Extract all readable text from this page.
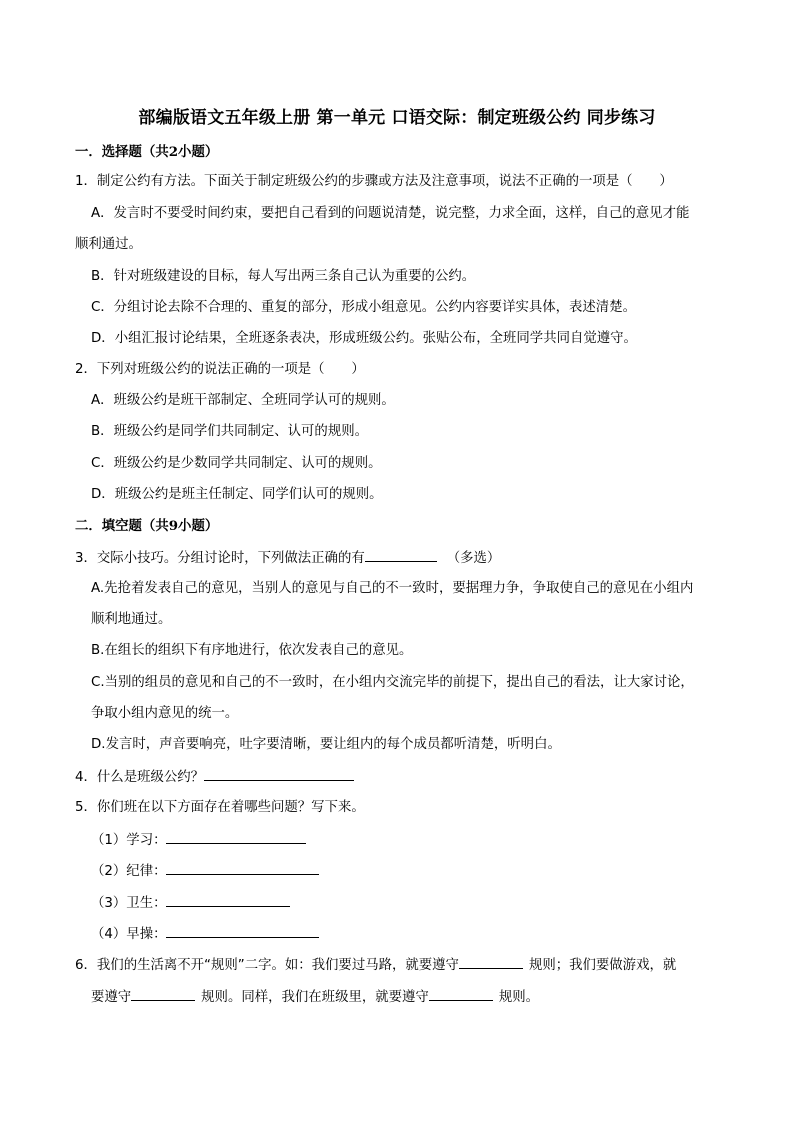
部编版语文五年级上册 第一单元 口语交际：制定班级公约 同步练习
一．选择题（共2小题）
1．制定公约有方法。下面关于制定班级公约的步骤或方法及注意事项，说法不正确的一项是（　　）
A．发言时不要受时间约束，要把自己看到的问题说清楚，说完整，力求全面，这样，自己的意见才能
顺利通过。
B．针对班级建设的目标，每人写出两三条自己认为重要的公约。
C．分组讨论去除不合理的、重复的部分，形成小组意见。公约内容要详实具体，表述清楚。
D．小组汇报讨论结果，全班逐条表决，形成班级公约。张贴公布，全班同学共同自觉遵守。
2．下列对班级公约的说法正确的一项是（　　）
A．班级公约是班干部制定、全班同学认可的规则。
B．班级公约是同学们共同制定、认可的规则。
C．班级公约是少数同学共同制定、认可的规则。
D．班级公约是班主任制定、同学们认可的规则。
二．填空题（共9小题）
3．交际小技巧。分组讨论时，下列做法正确的有	（多选）
A.先抢着发表自己的意见，当别人的意见与自己的不一致时，要据理力争，争取使自己的意见在小组内
顺利地通过。
B.在组长的组织下有序地进行，依次发表自己的意见。
C.当别的组员的意见和自己的不一致时，在小组内交流完毕的前提下，提出自己的看法，让大家讨论，
争取小组内意见的统一。
D.发言时，声音要响亮，吐字要清晰，要让组内的每个成员都听清楚，听明白。
4．什么是班级公约？
5．你们班在以下方面存在着哪些问题？写下来。
（1）学习：
（2）纪律：
（3）卫生：
（4）早操：
6．我们的生活离不开“规则”二字。如：我们要过马路，就要遵守	规则；我们要做游戏，就
要遵守	规则。同样，我们在班级里，就要遵守	规则。
